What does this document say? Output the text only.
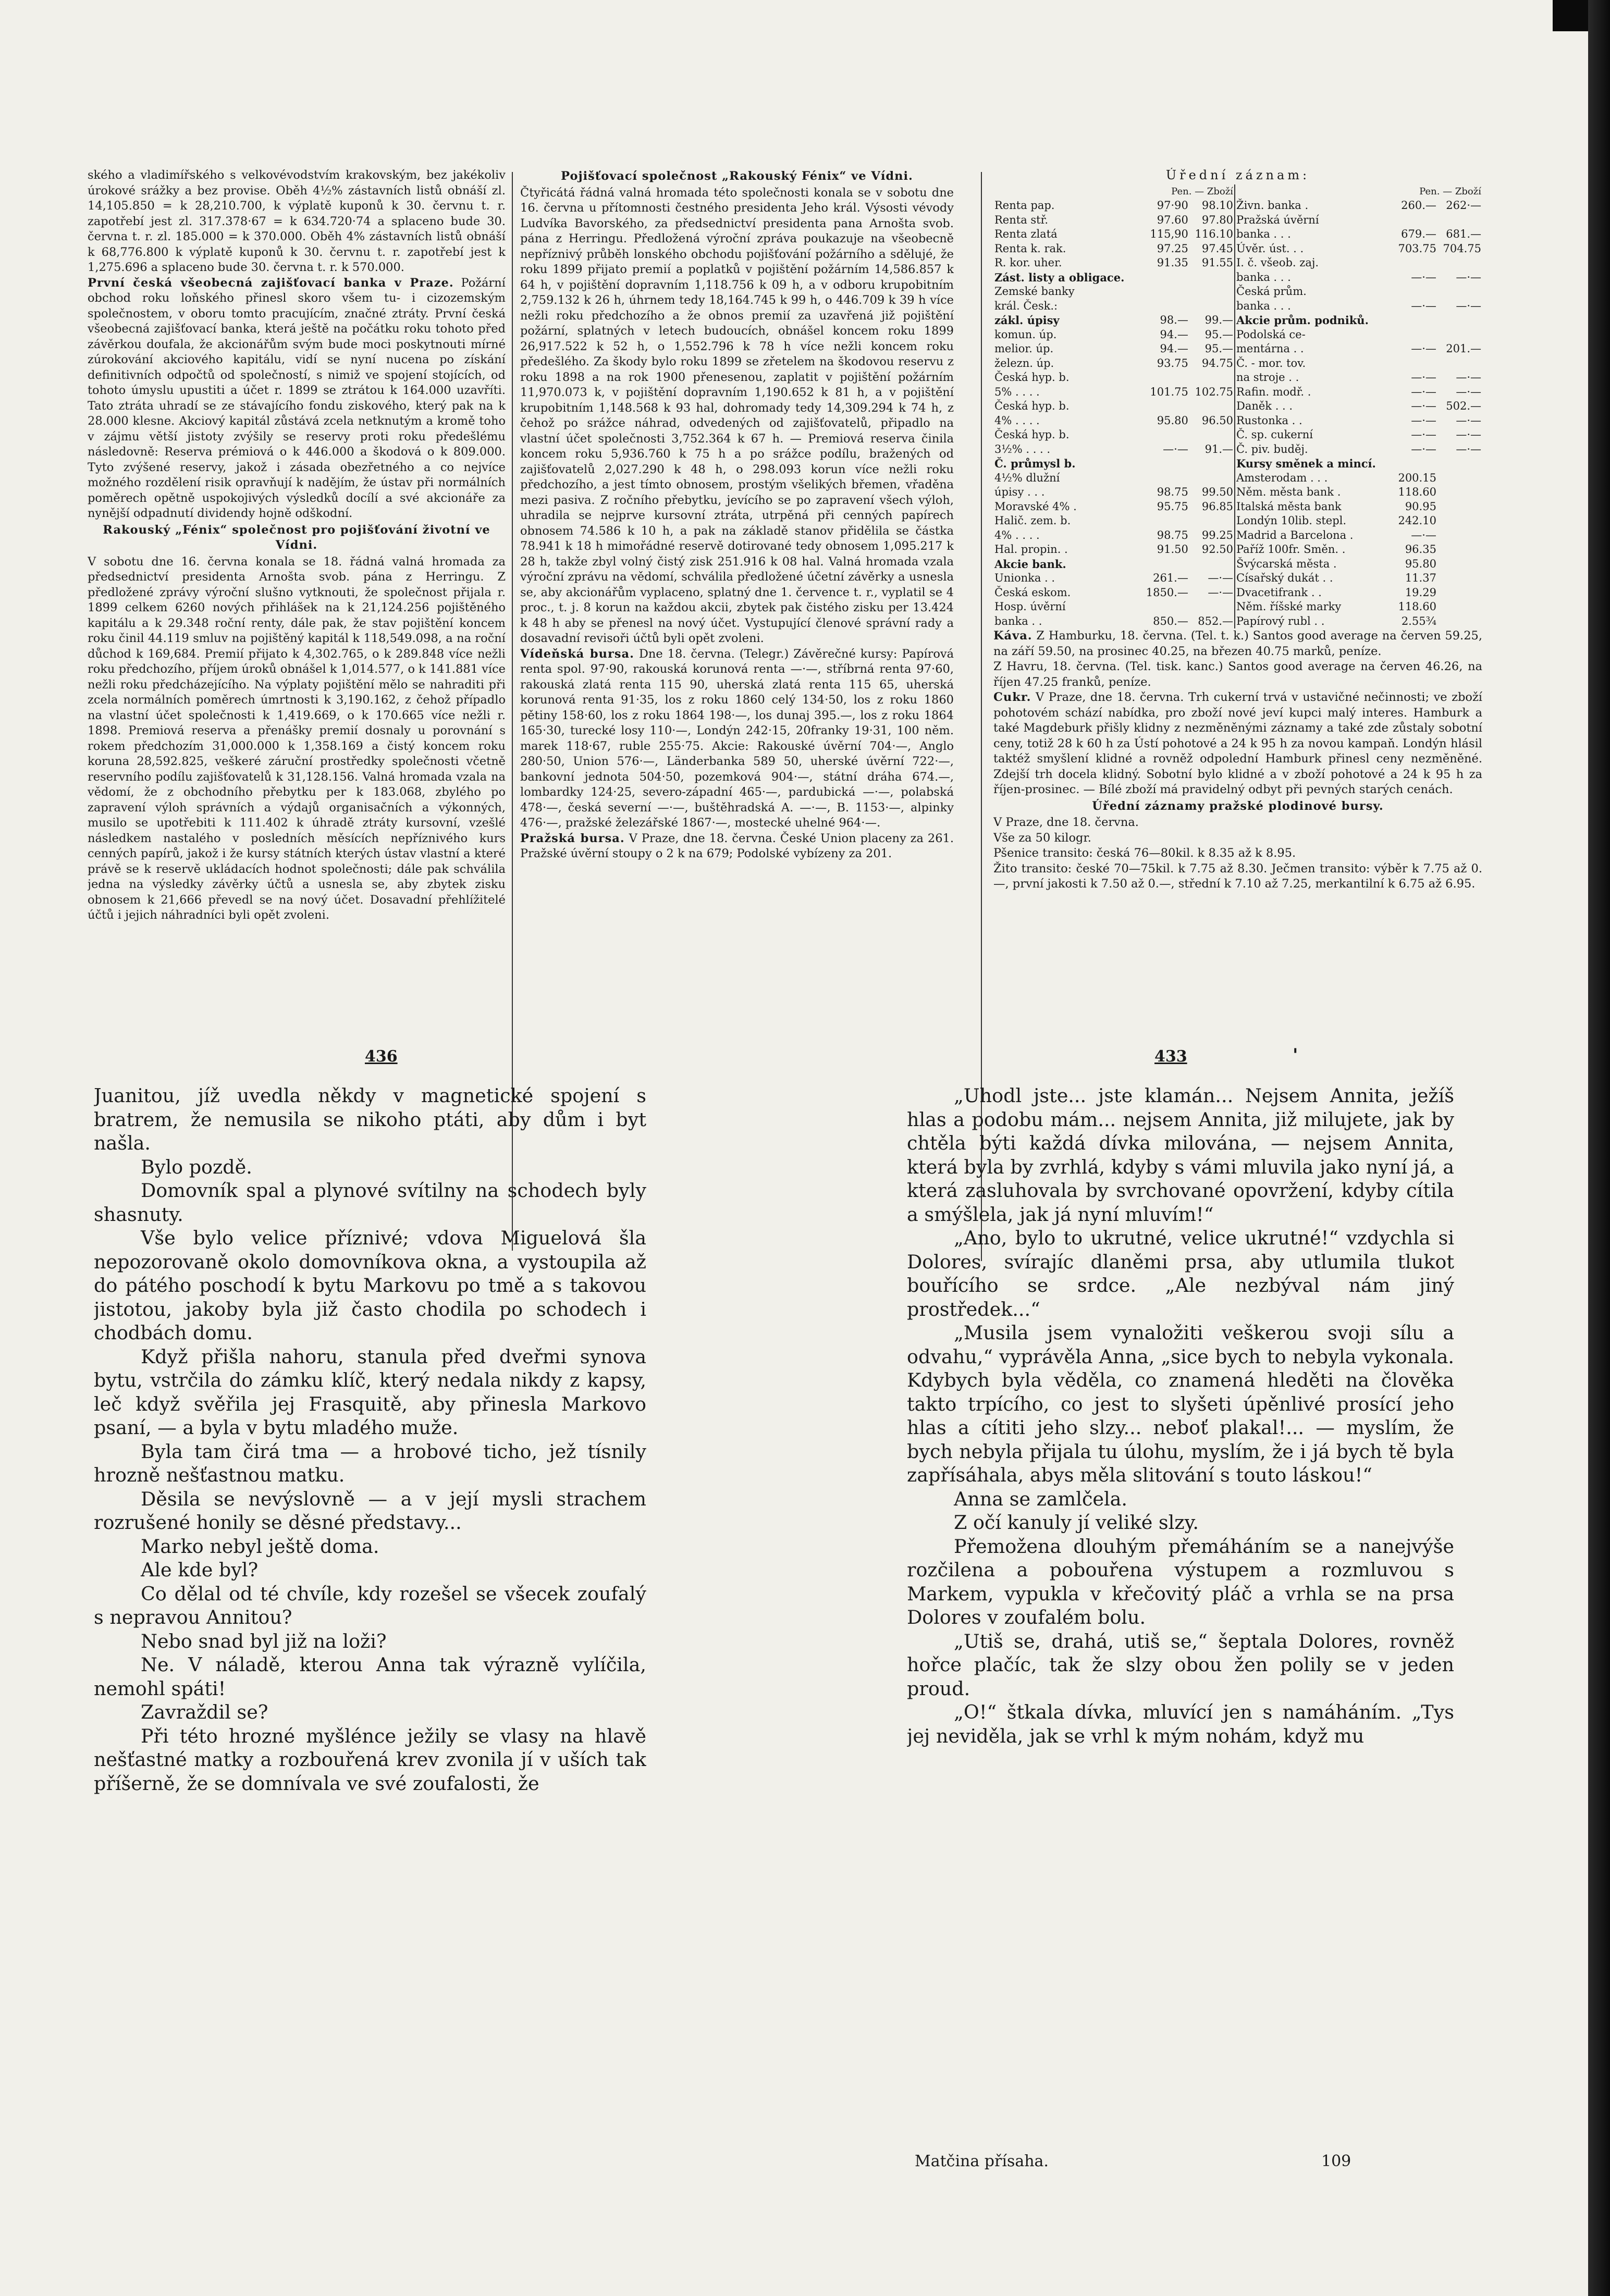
ského a vladimířského s velkovévodstvím krakovským, bez jakékoliv úrokové srážky a bez provise. Oběh 4½% zástavních listů obnáší zl. 14,105.850 = k 28,210.700, k výplatě kuponů k 30. červnu t. r. zapotřebí jest zl. 317.378·67 = k 634.720·74 a splaceno bude 30. června t. r. zl. 185.000 = k 370.000. Oběh 4% zástavních listů obnáší k 68,776.800 k výplatě kuponů k 30. červnu t. r. zapotřebí jest k 1,275.696 a splaceno bude 30. června t. r. k 570.000.

První česká všeobecná zajišťovací banka v Praze. Požární obchod roku loňského přinesl skoro všem tu- i cizozemským společnostem, v oboru tomto pracujícím, značné ztráty. První česká všeobecná zajišťovací banka, která ještě na počátku roku tohoto před závěrkou doufala, že akcionářům svým bude moci poskytnouti mírné zúrokování akciového kapitálu, vidí se nyní nucena po získání definitivních odpočtů od společností, s nimiž ve spojení stojících, od tohoto úmyslu upustiti a účet r. 1899 se ztrátou k 164.000 uzavříti. Tato ztráta uhradí se ze stávajícího fondu ziskového, který pak na k 28.000 klesne. Akciový kapitál zůstává zcela netknutým a kromě toho v zájmu větší jistoty zvýšily se reservy proti roku předešlému následovně: Reserva prémiová o k 446.000 a škodová o k 809.000. Tyto zvýšené reservy, jakož i zásada obezřetného a co nejvíce možného rozdělení risik opravňují k nadějím, že ústav při normálních poměrech opětně uspokojivých výsledků docílí a své akcionáře za nynější odpadnutí dividendy hojně odškodní.

Rakouský „Fénix“ společnost pro pojišťování životní ve Vídni.

V sobotu dne 16. června konala se 18. řádná valná hromada za předsednictví presidenta Arnošta svob. pána z Herringu. Z předložené zprávy výroční slušno vytknouti, že společnost přijala r. 1899 celkem 6260 nových přihlášek na k 21,124.256 pojištěného kapitálu a k 29.348 roční renty, dále pak, že stav pojištění koncem roku činil 44.119 smluv na pojištěný kapitál k 118,549.098, a na roční důchod k 169,684. Premií přijato k 4,302.765, o k 289.848 více nežli roku předchozího, příjem úroků obnášel k 1,014.577, o k 141.881 více nežli roku předcházejícího. Na výplaty pojištění mělo se nahraditi při zcela normálních poměrech úmrtnosti k 3,190.162, z čehož případlo na vlastní účet společnosti k 1,419.669, o k 170.665 více nežli r. 1898. Premiová reserva a přenášky premií dosnaly u porovnání s rokem předchozím 31,000.000 k 1,358.169 a čistý koncem roku koruna 28,592.825, veškeré záruční prostředky společnosti včetně reservního podílu zajišťovatelů k 31,128.156. Valná hromada vzala na vědomí, že z obchodního přebytku per k 183.068, zbylého po zapravení výloh správních a výdajů organisačních a výkonných, musilo se upotřebiti k 111.402 k úhradě ztráty kursovní, vzešlé následkem nastalého v posledních měsících nepříznivého kurs cenných papírů, jakož i že kursy státních kterých ústav vlastní a které právě se k reservě ukládacích hodnot společnosti; dále pak schválila jedna na výsledky závěrky účtů a usnesla se, aby zbytek zisku obnosem k 21,666 převedl se na nový účet. Dosavadní přehlížitelé účtů i jejich náhradníci byli opět zvoleni.

Pojišťovací společnost „Rakouský Fénix“ ve Vídni.

Čtyřicátá řádná valná hromada této společnosti konala se v sobotu dne 16. června u přítomnosti čestného presidenta Jeho král. Výsosti vévody Ludvíka Bavorského, za předsednictví presidenta pana Arnošta svob. pána z Herringu. Předložená výroční zpráva poukazuje na všeobecně nepříznivý průběh lonského obchodu pojišťování požárního a sdělujé, že roku 1899 přijato premií a poplatků v pojištění požárním 14,586.857 k 64 h, v pojištění dopravním 1,118.756 k 09 h, a v odboru krupobitním 2,759.132 k 26 h, úhrnem tedy 18,164.745 k 99 h, o 446.709 k 39 h více nežli roku předchozího a že obnos premií za uzavřená již pojištění požární, splatných v letech budoucích, obnášel koncem roku 1899 26,917.522 k 52 h, o 1,552.796 k 78 h více nežli koncem roku předešlého. Za škody bylo roku 1899 se zřetelem na škodovou reservu z roku 1898 a na rok 1900 přenesenou, zaplatit v pojištění požárním 11,970.073 k, v pojištění dopravním 1,190.652 k 81 h, a v pojištění krupobitním 1,148.568 k 93 hal, dohromady tedy 14,309.294 k 74 h, z čehož po srážce náhrad, odvedených od zajišťovatelů, připadlo na vlastní účet společnosti 3,752.364 k 67 h. — Premiová reserva činila koncem roku 5,936.760 k 75 h a po srážce podílu, bražených od zajišťovatelů 2,027.290 k 48 h, o 298.093 korun více nežli roku předchozího, a jest tímto obnosem, prostým všelikých břemen, vřaděna mezi pasiva. Z ročního přebytku, jevícího se po zapravení všech výloh, uhradila se nejprve kursovní ztráta, utrpěná při cenných papírech obnosem 74.586 k 10 h, a pak na základě stanov přidělila se částka 78.941 k 18 h mimořádné reservě dotirované tedy obnosem 1,095.217 k 28 h, takže zbyl volný čistý zisk 251.916 k 08 hal. Valná hromada vzala výroční zprávu na vědomí, schválila předložené účetní závěrky a usnesla se, aby akcionářům vyplaceno, splatný dne 1. července t. r., vyplatil se 4 proc., t. j. 8 korun na každou akcii, zbytek pak čistého zisku per 13.424 k 48 h aby se přenesl na nový účet. Vystupující členové správní rady a dosavadní revisoři účtů byli opět zvoleni.

Vídeňská bursa. Dne 18. června. (Telegr.) Závěrečné kursy: Papírová renta spol. 97·90, rakouská korunová renta —·—, stříbrná renta 97·60, rakouská zlatá renta 115 90, uherská zlatá renta 115 65, uherská korunová renta 91·35, los z roku 1860 celý 134·50, los z roku 1860 pětiny 158·60, los z roku 1864 198·—, los dunaj 395.—, los z roku 1864 165·30, turecké losy 110·—, Londýn 242·15, 20franky 19·31, 100 něm. marek 118·67, ruble 255·75. Akcie: Rakouské úvěrní 704·—, Anglo 280·50, Union 576·—, Länderbanka 589 50, uherské úvěrní 722·—, bankovní jednota 504·50, pozemková 904·—, státní dráha 674.—, lombardky 124·25, severo-západní 465·—, pardubická —·—, polabská 478·—, česká severní —·—, buštěhradská A. —·—, B. 1153·—, alpinky 476·—, pražské železářské 1867·—, mostecké uhelné 964·—.

Pražská bursa. V Praze, dne 18. června. České Union placeny za 261. Pražské úvěrní stoupy o 2 k na 679; Podolské vybízeny za 201.

Úřední záznam:
	Pen. — Zboží			Pen. — Zboží	
Renta pap.	97·90	98.10	Živn. banka .	260.—	262·—
Renta stř.	97.60	97.80	Pražská úvěrní		
Renta zlatá	115,90	116.10	banka . . .	679.—	681.—
Renta k. rak.	97.25	97.45	Úvěr. úst. . .	703.75	704.75
R. kor. uher.	91.35	91.55	I. č. všeob. zaj.		
Zást. listy a obligace.			banka . . .	—·—	—·—
Zemské banky			Česká prům.		
král. Česk.:			banka . . .	—·—	—·—
zákl. úpisy	98.—	99.—	Akcie prům. podniků.		
komun. úp.	94.—	95.—	Podolská ce-		
melior. úp.	94.—	95.—	mentárna . .	—·—	201.—
železn. úp.	93.75	94.75	Č. - mor. tov.		
Česká hyp. b.			na stroje . .	—·—	—·—
5% . . . .	101.75	102.75	Rafin. modř. .	—·—	—·—
Česká hyp. b.			Daněk . . .	—·—	502.—
4% . . . .	95.80	96.50	Rustonka . .	—·—	—·—
Česká hyp. b.			Č. sp. cukerní	—·—	—·—
3½% . . . .	—·—	91.—	Č. piv. buděj.	—·—	—·—
Č. průmysl b.			Kursy směnek a mincí.		
4½% dlužní			Amsterodam . . .	200.15	
úpisy . . .	98.75	99.50	Něm. města bank .	118.60	
Moravské 4% .	95.75	96.85	Italská města bank	90.95	
Halič. zem. b.			Londýn 10lib. stерl.	242.10	
4% . . . .	98.75	99.25	Madrid a Barcelona .	—·—	
Hal. propin. .	91.50	92.50	Paříž 100fr. Směn. .	96.35	
Akcie bank.			Švýcarská města .	95.80	
Unionka . .	261.—	—·—	Císařský dukát . .	11.37	
Česká eskom.	1850.—	—·—	Dvacetifrank . .	19.29	
Hosp. úvěrní			Něm. říšské marky	118.60	
banka . .	850.—	852.—	Papírový rubl . .	2.55¾	

Káva. Z Hamburku, 18. června. (Tel. t. k.) Santos good average na červen 59.25, na září 59.50, na prosinec 40.25, na březen 40.75 marků, peníze.

Z Havru, 18. června. (Tel. tisk. kanc.) Santos good average na červen 46.26, na říjen 47.25 franků, peníze.

Cukr. V Praze, dne 18. června. Trh cukerní trvá v ustavičné nečinnosti; ve zboží pohotovém schází nabídka, pro zboží nové jeví kupci malý interes. Hamburk a také Magdeburk přišly klidny z nezměněnými záznamy a také zde zůstaly sobotní ceny, totiž 28 k 60 h za Ústí pohotové a 24 k 95 h za novou kampaň. Londýn hlásil taktéž smyšlení klidné a rovněž odpolední Hamburk přinesl ceny nezměněné. Zdejší trh docela klidný. Sobotní bylo klidné a v zboží pohotové a 24 k 95 h za říjen-prosinec. — Bílé zboží má pravidelný odbyt při pevných starých cenách.

Úřední záznamy pražské plodinové bursy.

V Praze, dne 18. června.

Vše za 50 kilogr.

Pšenice transito: česká 76—80kil. k 8.35 až k 8.95.

Žito transito: české 70—75kil. k 7.75 až 8.30. Ječmen transito: výběr k 7.75 až 0.—, první jakosti k 7.50 až 0.—, střední k 7.10 až 7.25, merkantilní k 6.75 až 6.95.

436	433	'

Juanitou, jíž uvedla někdy v magnetické spojení s bratrem, že nemusila se nikoho ptáti, aby dům i byt našla.

Bylo pozdě.

Domovník spal a plynové svítilny na schodech byly shasnuty.

Vše bylo velice příznivé; vdova Miguelová šla nepozorovaně okolo domovníkova okna, a vystoupila až do pátého poschodí k bytu Markovu po tmě a s takovou jistotou, jakoby byla již často chodila po schodech i chodbách domu.

Když přišla nahoru, stanula před dveřmi synova bytu, vstrčila do zámku klíč, který nedala nikdy z kapsy, leč když svěřila jej Frasquitě, aby přinesla Markovo psaní, — a byla v bytu mladého muže.

Byla tam čirá tma — a hrobové ticho, jež tísnily hrozně nešťastnou matku.

Děsila se nevýslovně — a v její mysli strachem rozrušené honily se děsné představy...

Marko nebyl ještě doma.

Ale kde byl?

Co dělal od té chvíle, kdy rozešel se všecek zoufalý s nepravou Annitou?

Nebo snad byl již na loži?

Ne. V náladě, kterou Anna tak výrazně vylíčila, nemohl spáti!

Zavraždil se?

Při této hrozné myšlénce ježily se vlasy na hlavě nešťastné matky a rozbouřená krev zvonila jí v uších tak příšerně, že se domnívala ve své zoufalosti, že

„Uhodl jste... jste klamán... Nejsem Annita, ježíš hlas a podobu mám... nejsem Annita, již milujete, jak by chtěla býti každá dívka milována, — nejsem Annita, která byla by zvrhlá, kdyby s vámi mluvila jako nyní já, a která zasluhovala by svrchované opovržení, kdyby cítila a smýšlela, jak já nyní mluvím!“

„Ano, bylo to ukrutné, velice ukrutné!“ vzdychla si Dolores, svírajíc dlaněmi prsa, aby utlumila tlukot bouřícího se srdce. „Ale nezbýval nám jiný prostředek...“

„Musila jsem vynaložiti veškerou svoji sílu a odvahu,“ vyprávěla Anna, „sice bych to nebyla vykonala. Kdybych byla věděla, co znamená hleděti na člověka takto trpícího, co jest to slyšeti úpěnlivé prosící jeho hlas a cítiti jeho slzy... neboť plakal!... — myslím, že bych nebyla přijala tu úlohu, myslím, že i já bych tě byla zapřísáhala, abys měla slitování s touto láskou!“

Anna se zamlčela.

Z očí kanuly jí veliké slzy.

Přemožena dlouhým přemáháním se a nanejvýše rozčilena a pobouřena výstupem a rozmluvou s Markem, vypukla v křečovitý pláč a vrhla se na prsa Dolores v zoufalém bolu.

„Utiš se, drahá, utiš se,“ šeptala Dolores, rovněž hořce plačíc, tak že slzy obou žen polily se v jeden proud.

„O!“ štkala dívka, mluvící jen s namáháním. „Tys jej neviděla, jak se vrhl k mým nohám, když mu

Matčina přísaha.	109
